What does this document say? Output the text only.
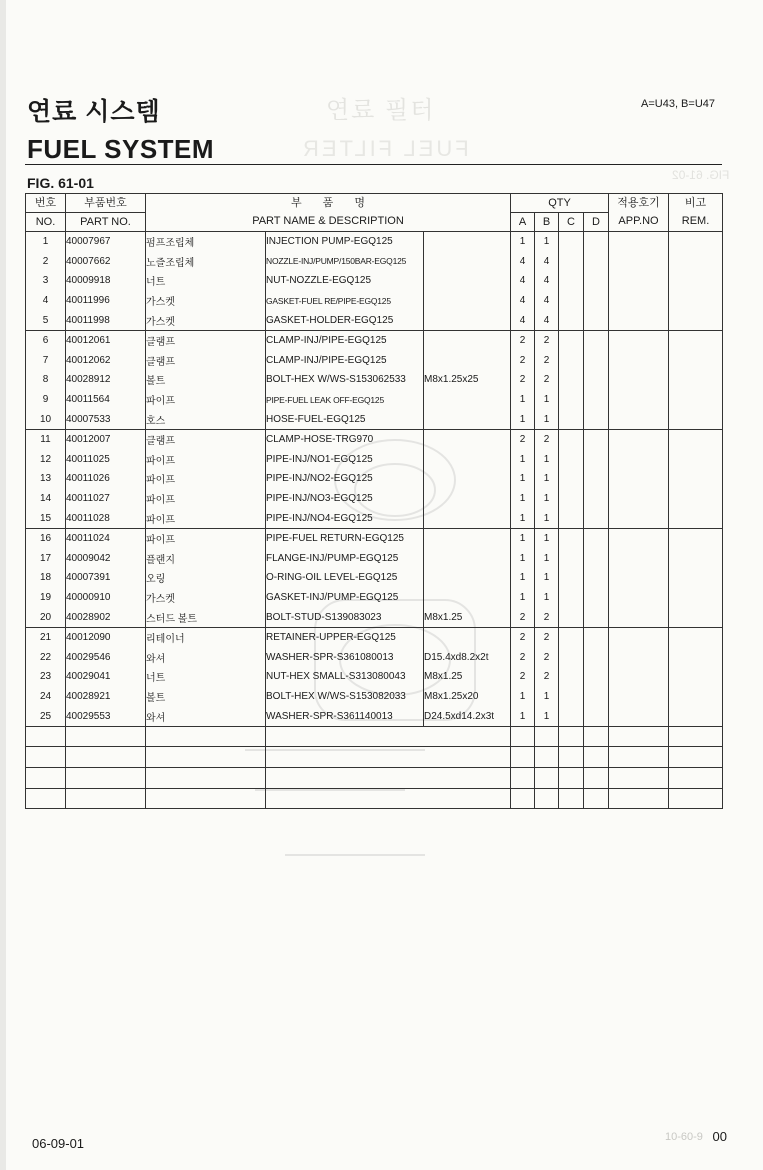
연료 필터
FUEL FILTER
FIG. 61-02
연료 시스템
FUEL SYSTEM
A=U43, B=U47
FIG. 61-01
번호	부품번호	부 품 명			QTY				적용호기	비고
NO.	PART NO.	PART NAME & DESCRIPTION			A	B	C	D	APP.NO	REM.
1	40007967	펌프조립체	INJECTION PUMP-EGQ125		1	1				
2	40007662	노즐조립체	NOZZLE-INJ/PUMP/150BAR-EGQ125		4	4				
3	40009918	너트	NUT-NOZZLE-EGQ125		4	4				
4	40011996	가스켓	GASKET-FUEL RE/PIPE-EGQ125		4	4				
5	40011998	가스켓	GASKET-HOLDER-EGQ125		4	4				
6	40012061	클램프	CLAMP-INJ/PIPE-EGQ125		2	2				
7	40012062	클램프	CLAMP-INJ/PIPE-EGQ125		2	2				
8	40028912	볼트	BOLT-HEX W/WS-S153062533	M8x1.25x25	2	2				
9	40011564	파이프	PIPE-FUEL LEAK OFF-EGQ125		1	1				
10	40007533	호스	HOSE-FUEL-EGQ125		1	1				
11	40012007	클램프	CLAMP-HOSE-TRG970		2	2				
12	40011025	파이프	PIPE-INJ/NO1-EGQ125		1	1				
13	40011026	파이프	PIPE-INJ/NO2-EGQ125		1	1				
14	40011027	파이프	PIPE-INJ/NO3-EGQ125		1	1				
15	40011028	파이프	PIPE-INJ/NO4-EGQ125		1	1				
16	40011024	파이프	PIPE-FUEL RETURN-EGQ125		1	1				
17	40009042	플랜지	FLANGE-INJ/PUMP-EGQ125		1	1				
18	40007391	오링	O-RING-OIL LEVEL-EGQ125		1	1				
19	40000910	가스켓	GASKET-INJ/PUMP-EGQ125		1	1				
20	40028902	스터드 볼트	BOLT-STUD-S139083023	M8x1.25	2	2				
21	40012090	리테이너	RETAINER-UPPER-EGQ125		2	2				
22	40029546	와셔	WASHER-SPR-S361080013	D15.4xd8.2x2t	2	2				
23	40029041	너트	NUT-HEX SMALL-S313080043	M8x1.25	2	2				
24	40028921	볼트	BOLT-HEX W/WS-S153082033	M8x1.25x20	1	1				
25	40029553	와셔	WASHER-SPR-S361140013	D24.5xd14.2x3t	1	1				

06-09-01	10-60-9 00
